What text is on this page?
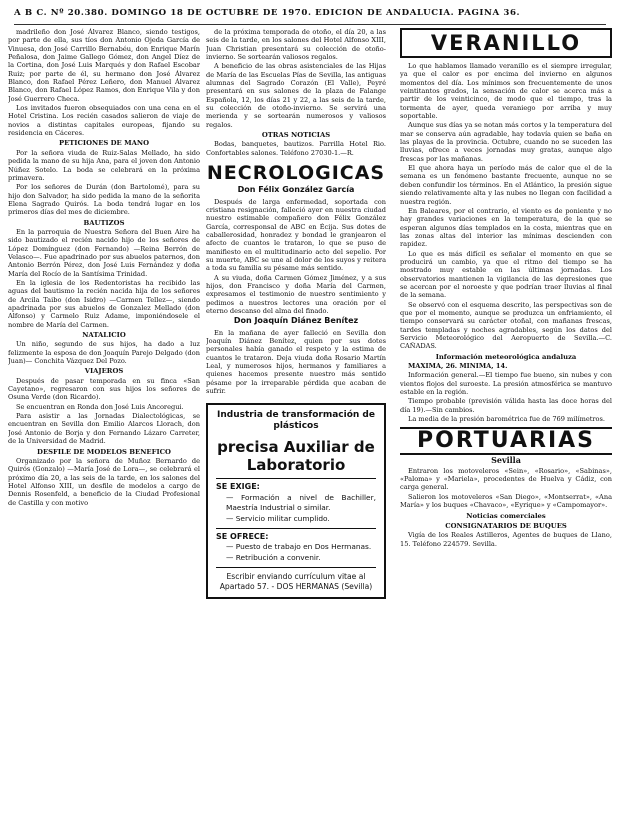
A B C. Nº 20.380. DOMINGO 18 DE OCTUBRE DE 1970. EDICION DE ANDALUCIA. PAGINA 36.

madrileño don José Álvarez Blanco, siendo testigos, por parte de ella, sus tíos don Antonio Ojeda García de Vinuesa, don José Carrillo Bernabéu, don Enrique Marín Peñalosa, don Jaime Gallego Gómez, don Angel Díez de la Cortina, don José Luis Marqués y don Rafael Escobar Ruiz; por parte de él, su hermano don José Álvarez Blanco, don Rafael Pérez Leñero, don Manuel Álvarez Blanco, don Rafael López Ramos, don Enrique Vila y don José Guerrero Checa.

Los invitados fueron obsequiados con una cena en el Hotel Cristina. Los recién casados salieron de viaje de novios a distintas capitales europeas, fijando su residencia en Cáceres.

PETICIONES DE MANO

Por la señora viuda de Ruiz-Salas Mellado, ha sido pedida la mano de su hija Ana, para el joven don Antonio Núñez Sotelo. La boda se celebrará en la próxima primavera.

Por los señores de Durán (don Bartolomé), para su hijo don Salvador, ha sido pedida la mano de la señorita Elena Sagrado Quirós. La boda tendrá lugar en los primeros días del mes de diciembre.

BAUTIZOS

En la parroquia de Nuestra Señora del Buen Aire ha sido bautizado el recién nacido hijo de los señores de López Domínguez (don Fernando) —Reina Berrón de Velasco—. Fue apadrinado por sus abuelos paternos, don Antonio Berrón Pérez, don José Luis Fernández y doña María del Rocío de la Santísima Trinidad.

En la iglesia de los Redentoristas ha recibido las aguas del bautismo la recién nacida hija de los señores de Arcila Taibo (don Isidro) —Carmen Tellez—, siendo apadrinada por sus abuelos de Gonzalez Mellado (don Alfonso) y Carmelo Ruiz Adame, imponiéndosele el nombre de María del Carmen.

NATALICIO

Un niño, segundo de sus hijos, ha dado a luz felizmente la esposa de don Joaquín Parejo Delgado (don Juan)— Conchita Vázquez Del Pozo.

VIAJEROS

Después de pasar temporada en su finca «San Cayetano», regresaron con sus hijos los señores de Osuna Verde (don Ricardo).

Se encuentran en Ronda don José Luis Ancoregui.

Para asistir a las Jornadas Dialectológicas, se encuentran en Sevilla don Emilio Alarcos Llorach, don José Antonio de Borja y don Fernando Lázaro Carreter, de la Universidad de Madrid.

DESFILE DE MODELOS BENEFICO

Organizado por la señora de Muñoz Bernardo de Quirós (Gonzalo) —María José de Lora—, se celebrará el próximo día 20, a las seis de la tarde, en los salones del Hotel Alfonso XIII, un desfile de modelos a cargo de Dennis Rosenfeld, a beneficio de la Ciudad Profesional de Castilla y con motivo

de la próxima temporada de otoño, el día 20, a las seis de la tarde, en los salones del Hotel Alfonso XIII, Juan Christian presentará su colección de otoño-invierno. Se sortearán valiosos regalos.

A beneficio de las obras asistenciales de las Hijas de María de las Escuelas Pías de Sevilla, las antiguas alumnas del Sagrado Corazón (El Valle), Peyré presentará en sus salones de la plaza de Falange Española, 12, los días 21 y 22, a las seis de la tarde, su colección de otoño-invierno. Se servirá una merienda y se sortearán numerosos y valiosos regalos.

OTRAS NOTICIAS

Bodas, banquetes, bautizos. Parrilla Hotel Rio. Confortables salones. Teléfono 27030-1.—R.

NECROLOGICAS
Don Félix González García

Después de larga enfermedad, soportada con cristiana resignación, falleció ayer en nuestra ciudad nuestro estimable compañero don Félix González García, corresponsal de ABC en Écija. Sus dotes de caballerosidad, honradez y bondad le granjearon el afecto de cuantos le trataron, lo que se puso de manifiesto en el multitudinario acto del sepelio. Por su muerte, ABC se une al dolor de los suyos y reitera a toda su familia su pésame más sentido.

A su viuda, doña Carmen Gómez Jiménez, y a sus hijos, don Francisco y doña María del Carmen, expresamos el testimonio de nuestro sentimiento y pedimos a nuestros lectores una oración por el eterno descanso del alma del finado.

Don Joaquín Diánez Benítez

En la mañana de ayer falleció en Sevilla don Joaquín Diánez Benítez, quien por sus dotes personales había ganado el respeto y la estima de cuantos le trataron. Deja viuda doña Rosario Martín Leal, y numerosos hijos, hermanos y familiares a quienes hacemos presente nuestro más sentido pésame por la irreparable pérdida que acaban de sufrir.

Industria de transformación de plásticos
precisa Auxiliar de Laboratorio
SE EXIGE:
— Formación a nivel de Bachiller, Maestría Industrial o similar.
— Servicio militar cumplido.
SE OFRECE:
— Puesto de trabajo en Dos Hermanas.
— Retribución a convenir.
Escribir enviando currículum vitae al Apartado 57. - DOS HERMANAS (Sevilla)
VERANILLO

Lo que hablamos llamado veranillo es el siempre irregular, ya que el calor es por encima del invierno en algunos momentos del día. Los mínimos son frecuentemente de unos veintitantos grados, la sensación de calor se acerca más a partir de los veinticinco, de modo que el tiempo, tras la tormenta de ayer, queda veraniego por arriba y muy soportable.

Aunque sus días ya se notan más cortos y la temperatura del mar se conserva aún agradable, hay todavía quien se baña en las playas de la provincia. Octubre, cuando no se suceden las lluvias, ofrece a veces jornadas muy gratas, aunque algo frescas por las mañanas.

El que ahora haya un período más de calor que el de la semana es un fenómeno bastante frecuente, aunque no se deben confundir los términos. En el Atlántico, la presión sigue siendo relativamente alta y las nubes no llegan con facilidad a nuestra región.

En Baleares, por el contrario, el viento es de poniente y no hay grandes variaciones en la temperatura, de la que se esperan algunos días templados en la costa, mientras que en las zonas altas del interior las mínimas descienden con rapidez.

Lo que es más difícil es señalar el momento en que se producirá un cambio, ya que el ritmo del tiempo se ha mostrado muy estable en las últimas jornadas. Los observatorios mantienen la vigilancia de las depresiones que se acercan por el noroeste y que podrían traer lluvias al final de la semana.

Se observó con el esquema descrito, las perspectivas son de que por el momento, aunque se produzca un enfriamiento, el tiempo conservará su carácter otoñal, con mañanas frescas, tardes templadas y noches agradables, según los datos del Servicio Meteorológico del Aeropuerto de Sevilla.—C. CAÑADAS.

Información meteorológica andaluza

MAXIMA, 26. MINIMA, 14.

Información general.—El tiempo fue bueno, sin nubes y con vientos flojos del suroeste. La presión atmosférica se mantuvo estable en la región.

Tiempo probable (previsión válida hasta las doce horas del día 19).—Sin cambios.

La media de la presión barométrica fue de 769 milímetros.

PORTUARIAS
Sevilla

Entraron los motoveleros «Sein», «Rosario», «Sabinas», «Paloma» y «Mariela», procedentes de Huelva y Cádiz, con carga general.

Salieron los motoveleros «San Diego», «Montserrat», «Ana María» y los buques «Chavaco», «Eyrique» y «Campomayor».

Noticias comerciales
CONSIGNATARIOS DE BUQUES

Vigía de los Reales Astilleros, Agentes de buques de Llano, 15. Teléfono 224579. Sevilla.
